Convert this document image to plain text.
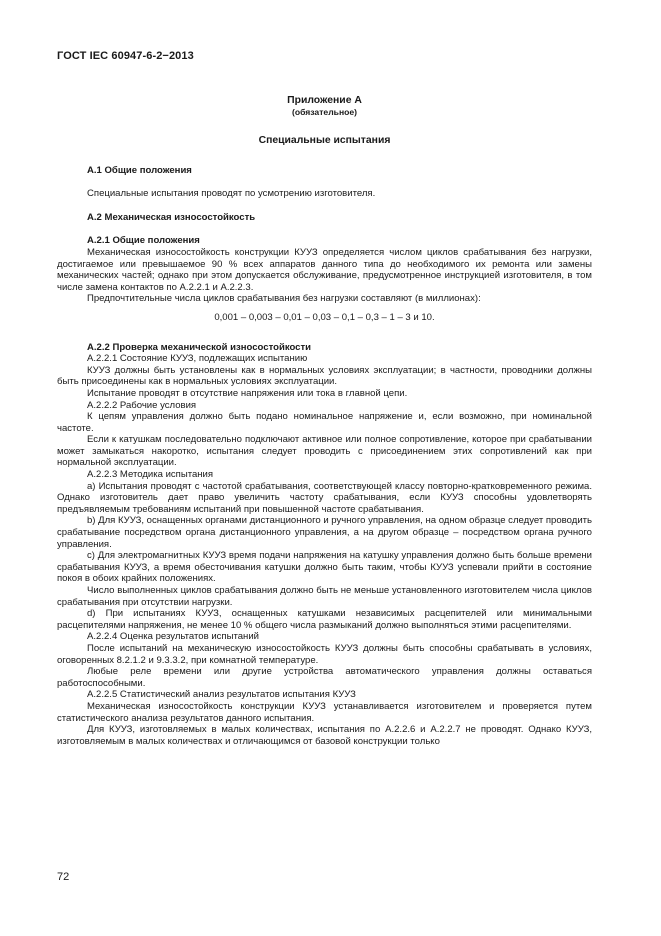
ГОСТ IEC 60947-6-2−2013
Приложение А
(обязательное)
Специальные испытания
А.1 Общие положения
Специальные испытания проводят по усмотрению изготовителя.
А.2 Механическая износостойкость
А.2.1 Общие положения
Механическая износостойкость конструкции КУУЗ определяется числом циклов срабатывания без нагрузки, достигаемое или превышаемое 90 % всех аппаратов данного типа до необходимого их ремонта или замены механических частей; однако при этом допускается обслуживание, предусмотренное инструкцией изготовителя, в том числе замена контактов по А.2.2.1 и А.2.2.3.
Предпочтительные числа циклов срабатывания без нагрузки составляют (в миллионах):
0,001 – 0,003 – 0,01 – 0,03 – 0,1 – 0,3 – 1 – 3 и 10.
А.2.2 Проверка механической износостойкости
А.2.2.1 Состояние КУУЗ, подлежащих испытанию
КУУЗ должны быть установлены как в нормальных условиях эксплуатации; в частности, проводники должны быть присоединены как в нормальных условиях эксплуатации.
Испытание проводят в отсутствие напряжения или тока в главной цепи.
А.2.2.2 Рабочие условия
К цепям управления должно быть подано номинальное напряжение и, если возможно, при номинальной частоте.
Если к катушкам последовательно подключают активное или полное сопротивление, которое при срабатывании может замыкаться накоротко, испытания следует проводить с присоединением этих сопротивлений как при нормальной эксплуатации.
А.2.2.3 Методика испытания
a) Испытания проводят с частотой срабатывания, соответствующей классу повторно-кратковременного режима. Однако изготовитель дает право увеличить частоту срабатывания, если КУУЗ способны удовлетворять предъявляемым требованиям испытаний при повышенной частоте срабатывания.
b) Для КУУЗ, оснащенных органами дистанционного и ручного управления, на одном образце следует проводить срабатывание посредством органа дистанционного управления, а на другом образце – посредством органа ручного управления.
c) Для электромагнитных КУУЗ время подачи напряжения на катушку управления должно быть больше времени срабатывания КУУЗ, а время обесточивания катушки должно быть таким, чтобы КУУЗ успевали прийти в состояние покоя в обоих крайних положениях.
Число выполненных циклов срабатывания должно быть не меньше установленного изготовителем числа циклов срабатывания при отсутствии нагрузки.
d) При испытаниях КУУЗ, оснащенных катушками независимых расцепителей или минимальными расцепителями напряжения, не менее 10 % общего числа размыканий должно выполняться этими расцепителями.
А.2.2.4 Оценка результатов испытаний
После испытаний на механическую износостойкость КУУЗ должны быть способны срабатывать в условиях, оговоренных 8.2.1.2 и 9.3.3.2, при комнатной температуре.
Любые реле времени или другие устройства автоматического управления должны оставаться работоспособными.
А.2.2.5 Статистический анализ результатов испытания КУУЗ
Механическая износостойкость конструкции КУУЗ устанавливается изготовителем и проверяется путем статистического анализа результатов данного испытания.
Для КУУЗ, изготовляемых в малых количествах, испытания по А.2.2.6 и А.2.2.7 не проводят. Однако КУУЗ, изготовляемым в малых количествах и отличающимся от базовой конструкции только
72
